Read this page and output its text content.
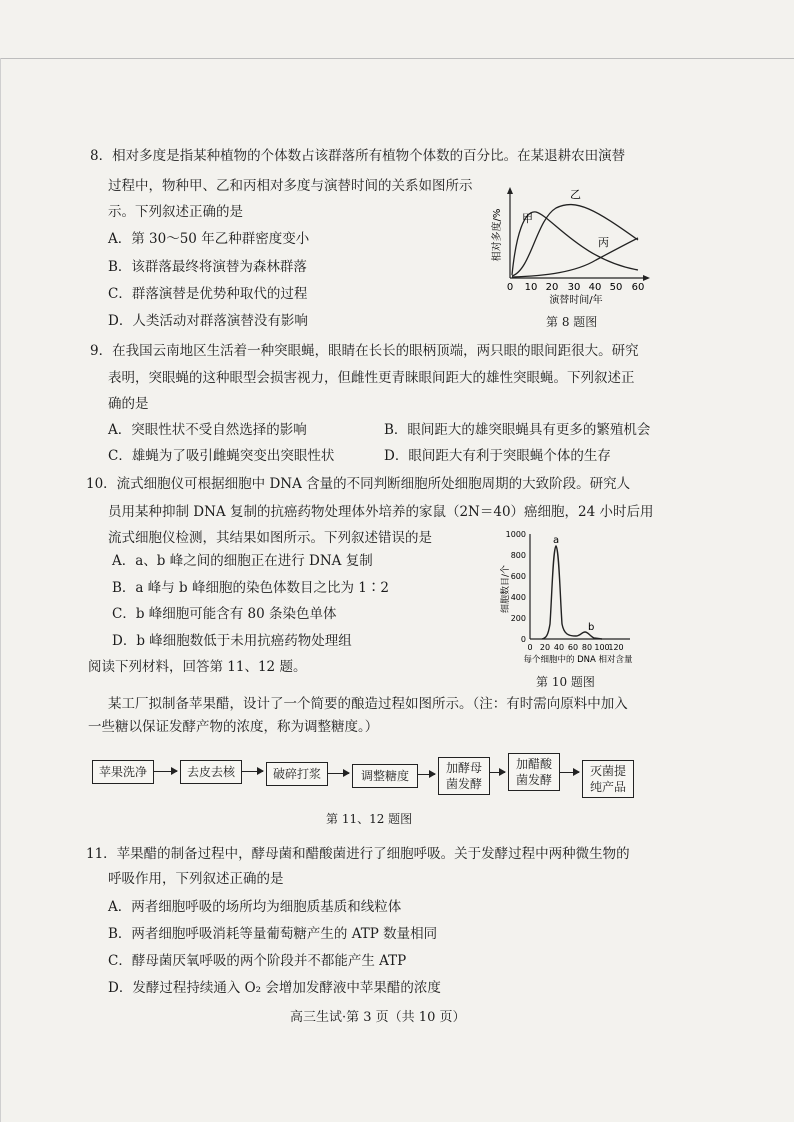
8．相对多度是指某种植物的个体数占该群落所有植物个体数的百分比。在某退耕农田演替
过程中，物种甲、乙和丙相对多度与演替时间的关系如图所示
示。下列叙述正确的是
A．第 30～50 年乙种群密度变小
B．该群落最终将演替为森林群落
C．群落演替是优势种取代的过程
D．人类活动对群落演替没有影响
相对多度/% 甲
乙
丙
0 10 20 30 40 50 60
演替时间/年
第 8 题图
9．在我国云南地区生活着一种突眼蝇，眼睛在长长的眼柄顶端，两只眼的眼间距很大。研究
表明，突眼蝇的这种眼型会损害视力，但雌性更青睐眼间距大的雄性突眼蝇。下列叙述正
确的是
A．突眼性状不受自然选择的影响	B．眼间距大的雄突眼蝇具有更多的繁殖机会
C．雄蝇为了吸引雌蝇突变出突眼性状	D．眼间距大有利于突眼蝇个体的生存
10．流式细胞仪可根据细胞中 DNA 含量的不同判断细胞所处细胞周期的大致阶段。研究人
员用某种抑制 DNA 复制的抗癌药物处理体外培养的家鼠（2N＝40）癌细胞，24 小时后用
流式细胞仪检测，其结果如图所示。下列叙述错误的是
A．a、b 峰之间的细胞正在进行 DNA 复制
B．a 峰与 b 峰细胞的染色体数目之比为 1∶2
C．b 峰细胞可能含有 80 条染色单体
D．b 峰细胞数低于未用抗癌药物处理组	0
200
400
600
800
1000
细胞数目/个
a
b
0 20 40 60 80 100
120
每个细胞中的 DNA 相对含量
第 10 题图
阅读下列材料，回答第 11、12 题。
某工厂拟制备苹果醋，设计了一个简要的酿造过程如图所示。（注：有时需向原料中加入
一些糖以保证发酵产物的浓度，称为调整糖度。）
苹果洗净	去皮去核	破碎打浆	调整糖度
加酵母
菌发酵
加醋酸
菌发酵
灭菌提
纯产品
第 11、12 题图
11．苹果醋的制备过程中，酵母菌和醋酸菌进行了细胞呼吸。关于发酵过程中两种微生物的
呼吸作用，下列叙述正确的是
A．两者细胞呼吸的场所均为细胞质基质和线粒体
B．两者细胞呼吸消耗等量葡萄糖产生的 ATP 数量相同
C．酵母菌厌氧呼吸的两个阶段并不都能产生 ATP
D．发酵过程持续通入 O₂ 会增加发酵液中苹果醋的浓度
高三生试·第 3 页（共 10 页）
